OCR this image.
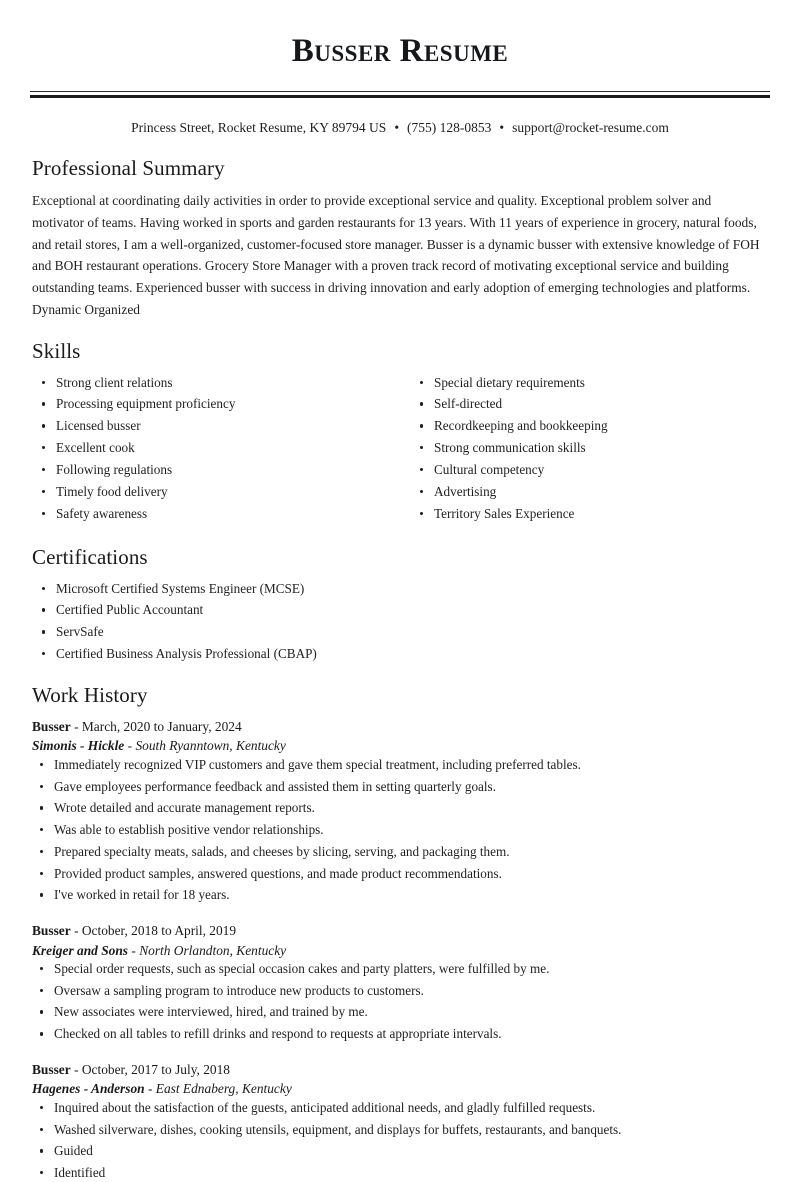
Busser Resume
Princess Street, Rocket Resume, KY 89794 US • (755) 128-0853 • support@rocket-resume.com
Professional Summary

Exceptional at coordinating daily activities in order to provide exceptional service and quality. Exceptional problem solver and motivator of teams. Having worked in sports and garden restaurants for 13 years. With 11 years of experience in grocery, natural foods, and retail stores, I am a well-organized, customer-focused store manager. Busser is a dynamic busser with extensive knowledge of FOH and BOH restaurant operations. Grocery Store Manager with a proven track record of motivating exceptional service and building outstanding teams. Experienced busser with success in driving innovation and early adoption of emerging technologies and platforms. Dynamic Organized

Skills
Strong client relations
Processing equipment proficiency
Licensed busser
Excellent cook
Following regulations
Timely food delivery
Safety awareness
Special dietary requirements
Self-directed
Recordkeeping and bookkeeping
Strong communication skills
Cultural competency
Advertising
Territory Sales Experience
Certifications
Microsoft Certified Systems Engineer (MCSE)
Certified Public Accountant
ServSafe
Certified Business Analysis Professional (CBAP)
Work History
Busser - March, 2020 to January, 2024
Simonis - Hickle - South Ryanntown, Kentucky
Immediately recognized VIP customers and gave them special treatment, including preferred tables.
Gave employees performance feedback and assisted them in setting quarterly goals.
Wrote detailed and accurate management reports.
Was able to establish positive vendor relationships.
Prepared specialty meats, salads, and cheeses by slicing, serving, and packaging them.
Provided product samples, answered questions, and made product recommendations.
I've worked in retail for 18 years.
Busser - October, 2018 to April, 2019
Kreiger and Sons - North Orlandton, Kentucky
Special order requests, such as special occasion cakes and party platters, were fulfilled by me.
Oversaw a sampling program to introduce new products to customers.
New associates were interviewed, hired, and trained by me.
Checked on all tables to refill drinks and respond to requests at appropriate intervals.
Busser - October, 2017 to July, 2018
Hagenes - Anderson - East Ednaberg, Kentucky
Inquired about the satisfaction of the guests, anticipated additional needs, and gladly fulfilled requests.
Washed silverware, dishes, cooking utensils, equipment, and displays for buffets, restaurants, and banquets.
Guided
Identified
